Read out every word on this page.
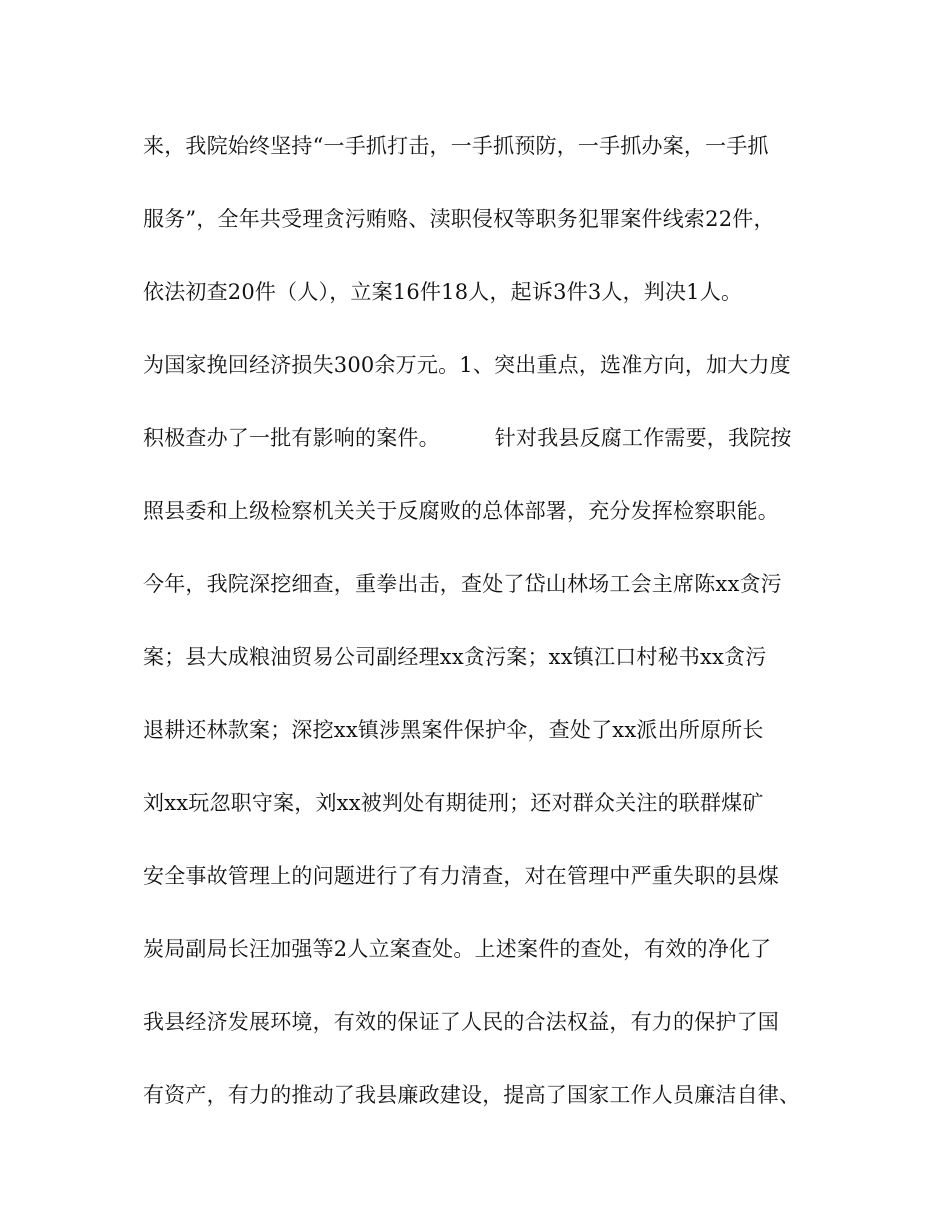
来，我院始终坚持“一手抓打击，一手抓预防，一手抓办案，一手抓
服务”，全年共受理贪污贿赂、渎职侵权等职务犯罪案件线索22件，
依法初查20件（人），立案16件18人，起诉3件3人，判决1人。
为国家挽回经济损失300余万元。1、突出重点，选准方向，加大力度
积极查办了一批有影响的案件。        针对我县反腐工作需要，我院按
照县委和上级检察机关关于反腐败的总体部署，充分发挥检察职能。
今年，我院深挖细查，重拳出击，查处了岱山林场工会主席陈xx贪污
案；县大成粮油贸易公司副经理xx贪污案；xx镇江口村秘书xx贪污
退耕还林款案；深挖xx镇涉黑案件保护伞，查处了xx派出所原所长
刘xx玩忽职守案，刘xx被判处有期徒刑；还对群众关注的联群煤矿
安全事故管理上的问题进行了有力清查，对在管理中严重失职的县煤
炭局副局长汪加强等2人立案查处。上述案件的查处，有效的净化了
我县经济发展环境，有效的保证了人民的合法权益，有力的保护了国
有资产，有力的推动了我县廉政建设，提高了国家工作人员廉洁自律、
